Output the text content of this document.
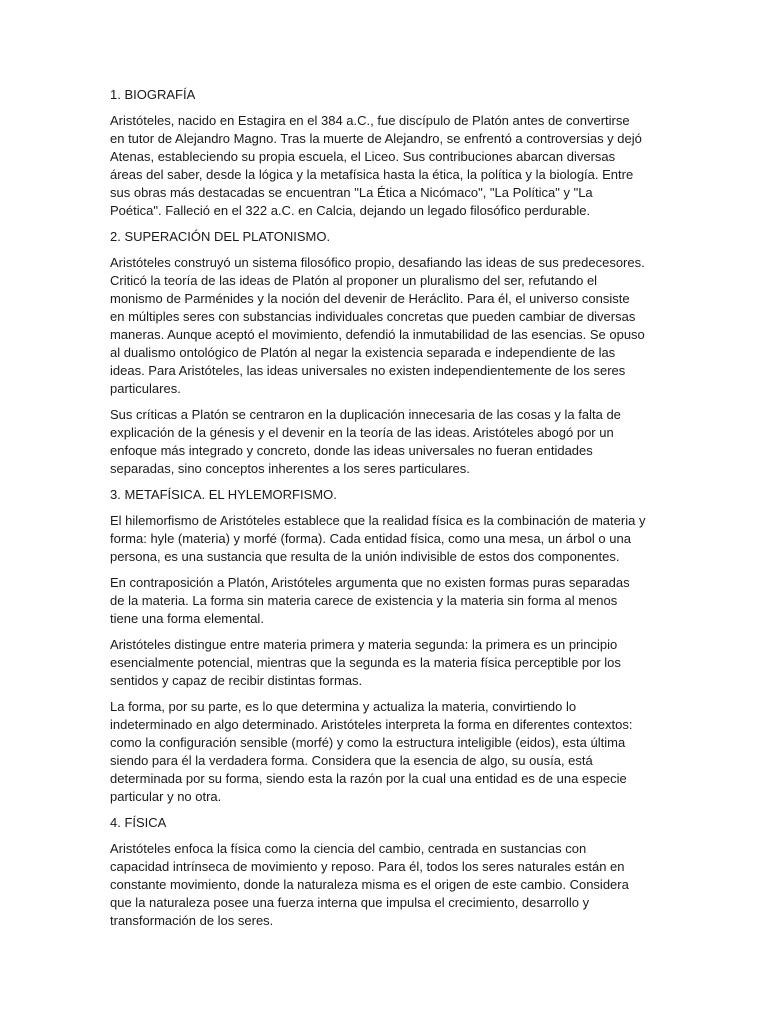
1. BIOGRAFÍA

Aristóteles, nacido en Estagira en el 384 a.C., fue discípulo de Platón antes de convertirse en tutor de Alejandro Magno. Tras la muerte de Alejandro, se enfrentó a controversias y dejó Atenas, estableciendo su propia escuela, el Liceo. Sus contribuciones abarcan diversas áreas del saber, desde la lógica y la metafísica hasta la ética, la política y la biología. Entre sus obras más destacadas se encuentran "La Ética a Nicómaco", "La Política" y "La Poética". Falleció en el 322 a.C. en Calcia, dejando un legado filosófico perdurable.

2. SUPERACIÓN DEL PLATONISMO.

Aristóteles construyó un sistema filosófico propio, desafiando las ideas de sus predecesores. Criticó la teoría de las ideas de Platón al proponer un pluralismo del ser, refutando el monismo de Parménides y la noción del devenir de Heráclito. Para él, el universo consiste en múltiples seres con substancias individuales concretas que pueden cambiar de diversas maneras. Aunque aceptó el movimiento, defendió la inmutabilidad de las esencias. Se opuso al dualismo ontológico de Platón al negar la existencia separada e independiente de las ideas. Para Aristóteles, las ideas universales no existen independientemente de los seres particulares.

Sus críticas a Platón se centraron en la duplicación innecesaria de las cosas y la falta de explicación de la génesis y el devenir en la teoría de las ideas. Aristóteles abogó por un enfoque más integrado y concreto, donde las ideas universales no fueran entidades separadas, sino conceptos inherentes a los seres particulares.

3. METAFÍSICA. EL HYLEMORFISMO.

El hilemorfismo de Aristóteles establece que la realidad física es la combinación de materia y forma: hyle (materia) y morfé (forma). Cada entidad física, como una mesa, un árbol o una persona, es una sustancia que resulta de la unión indivisible de estos dos componentes.

En contraposición a Platón, Aristóteles argumenta que no existen formas puras separadas de la materia. La forma sin materia carece de existencia y la materia sin forma al menos tiene una forma elemental.

Aristóteles distingue entre materia primera y materia segunda: la primera es un principio esencialmente potencial, mientras que la segunda es la materia física perceptible por los sentidos y capaz de recibir distintas formas.

La forma, por su parte, es lo que determina y actualiza la materia, convirtiendo lo indeterminado en algo determinado. Aristóteles interpreta la forma en diferentes contextos: como la configuración sensible (morfé) y como la estructura inteligible (eidos), esta última siendo para él la verdadera forma. Considera que la esencia de algo, su ousía, está determinada por su forma, siendo esta la razón por la cual una entidad es de una especie particular y no otra.

4. FÍSICA

Aristóteles enfoca la física como la ciencia del cambio, centrada en sustancias con capacidad intrínseca de movimiento y reposo. Para él, todos los seres naturales están en constante movimiento, donde la naturaleza misma es el origen de este cambio. Considera que la naturaleza posee una fuerza interna que impulsa el crecimiento, desarrollo y transformación de los seres.
